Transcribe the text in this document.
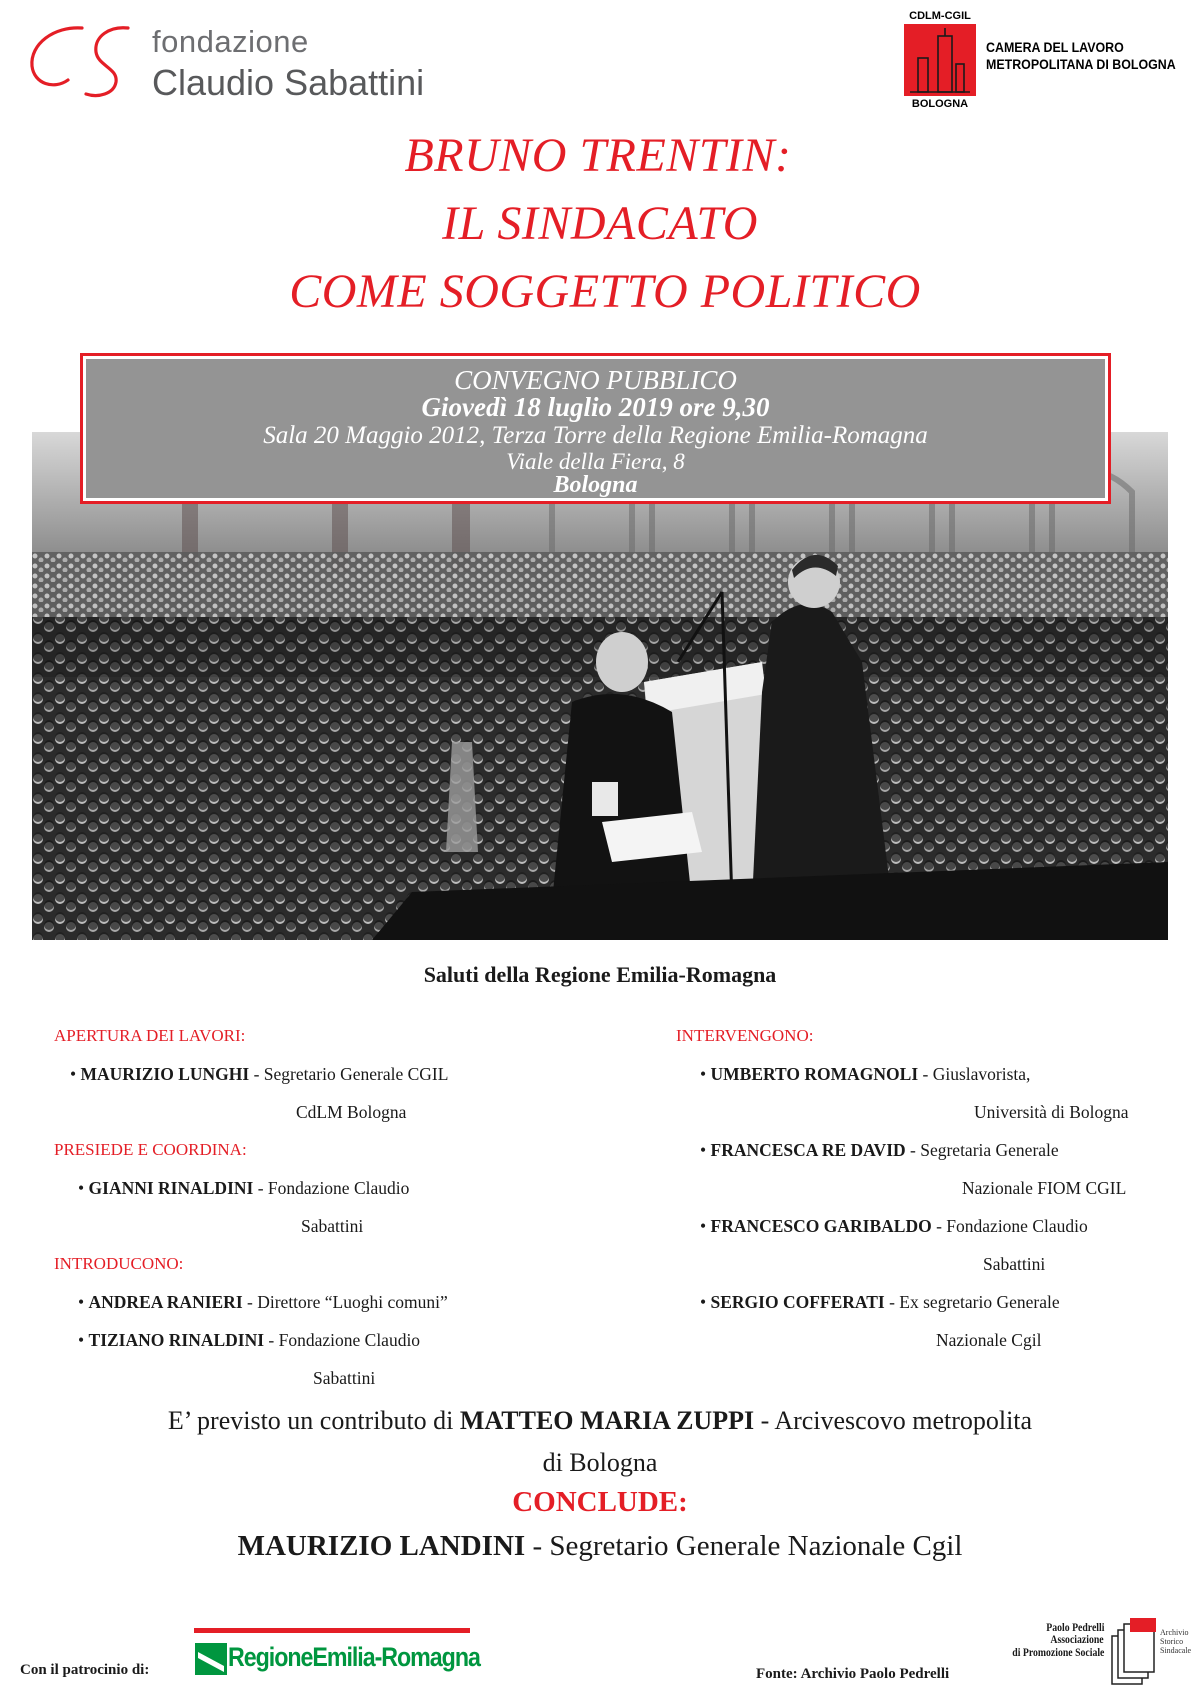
fondazione
Claudio Sabattini
CDLM-CGIL
BOLOGNA
CAMERA DEL LAVORO
METROPOLITANA DI BOLOGNA
BRUNO TRENTIN:
IL SINDACATO
COME SOGGETTO POLITICO
CONVEGNO PUBBLICO
Giovedì 18 luglio 2019 ore 9,30
Sala 20 Maggio 2012, Terza Torre della Regione Emilia-Romagna
Viale della Fiera, 8
Bologna
Saluti della Regione Emilia-Romagna
APERTURA DEI LAVORI:
• MAURIZIO LUNGHI - Segretario Generale CGIL
CdLM Bologna
PRESIEDE E COORDINA:
• GIANNI RINALDINI - Fondazione Claudio
Sabattini
INTRODUCONO:
• ANDREA RANIERI - Direttore “Luoghi comuni”
• TIZIANO RINALDINI - Fondazione Claudio
Sabattini
INTERVENGONO:
• UMBERTO ROMAGNOLI - Giuslavorista,
Università di Bologna
• FRANCESCA RE DAVID - Segretaria Generale
Nazionale FIOM CGIL
• FRANCESCO GARIBALDO - Fondazione Claudio
Sabattini
• SERGIO COFFERATI - Ex segretario Generale
Nazionale Cgil
E’ previsto un contributo di MATTEO MARIA ZUPPI - Arcivescovo metropolita
di Bologna
CONCLUDE:
MAURIZIO LANDINI - Segretario Generale Nazionale Cgil
Con il patrocinio di:	RegioneEmilia-Romagna
Fonte: Archivio Paolo Pedrelli
Paolo Pedrelli
Associazione
di Promozione Sociale
Archivio
Storico
Sindacale
